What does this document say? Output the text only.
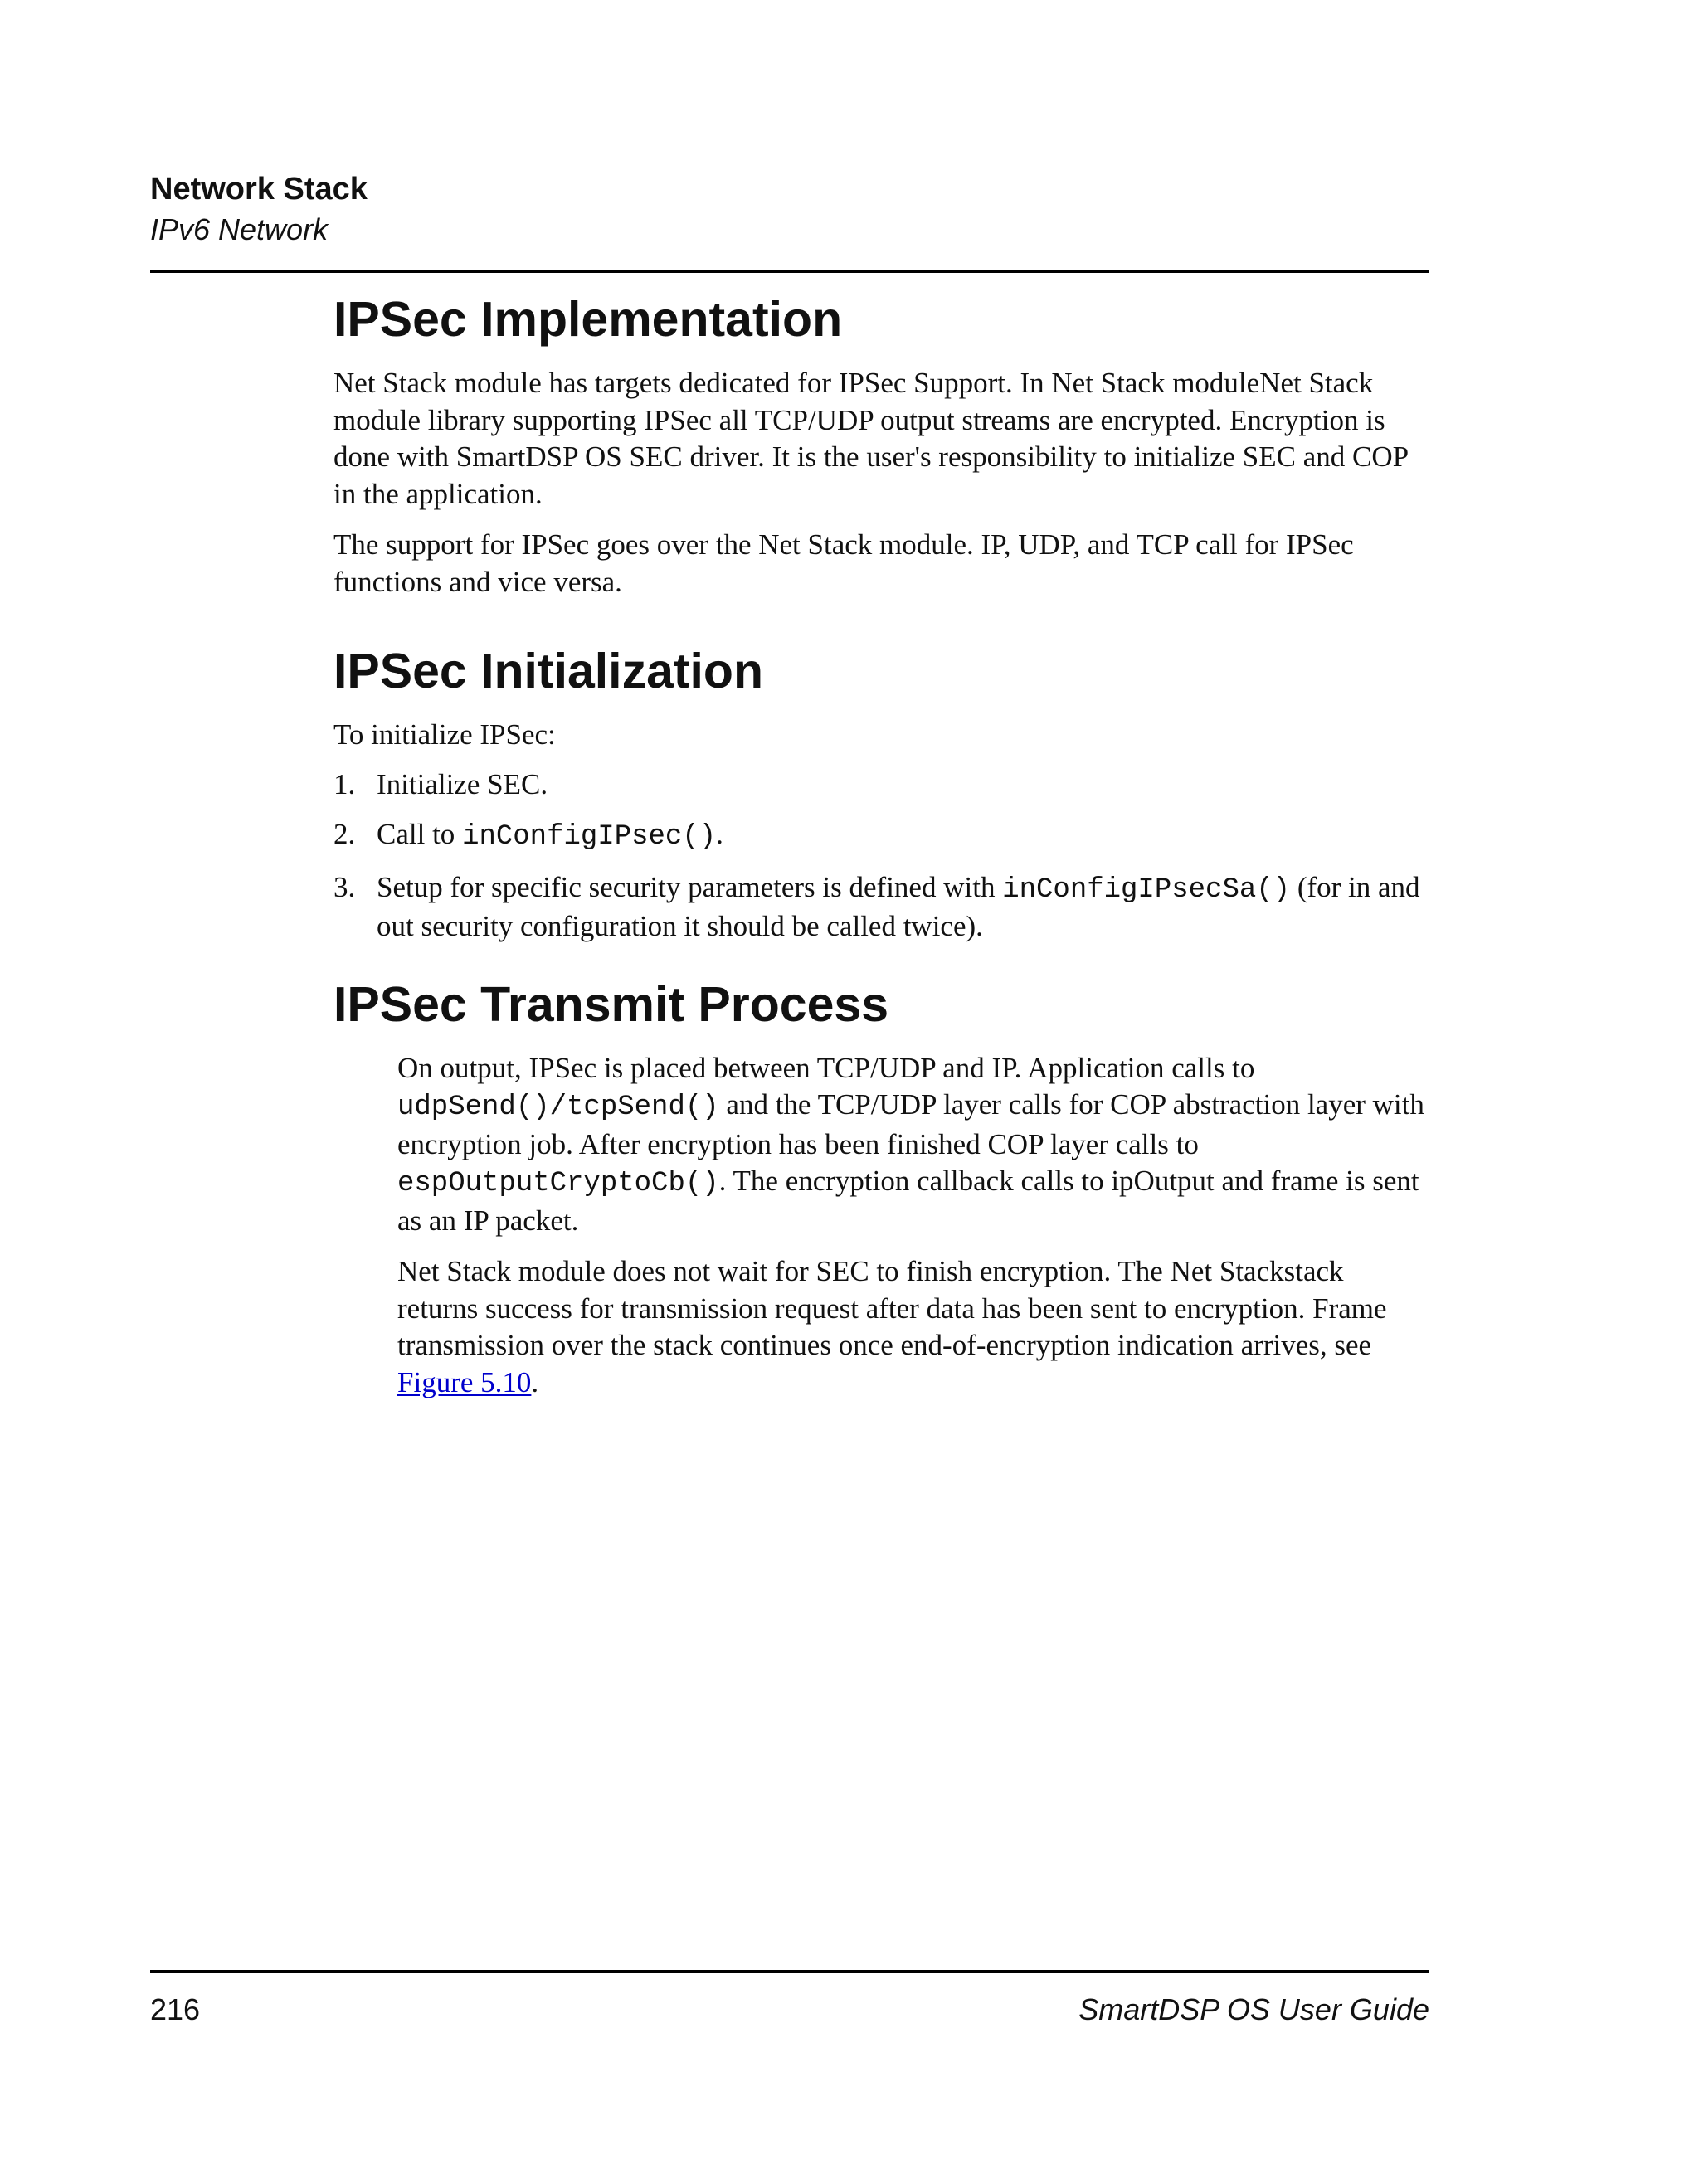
Network Stack
IPv6 Network
IPSec Implementation

Net Stack module has targets dedicated for IPSec Support. In Net Stack moduleNet Stack module library supporting IPSec all TCP/UDP output streams are encrypted. Encryption is done with SmartDSP OS SEC driver. It is the user's responsibility to initialize SEC and COP in the application.

The support for IPSec goes over the Net Stack module. IP, UDP, and TCP call for IPSec functions and vice versa.

IPSec Initialization

To initialize IPSec:

1. Initialize SEC.
2. Call to inConfigIPsec().
3. Setup for specific security parameters is defined with inConfigIPsecSa() (for in and out security configuration it should be called twice).
IPSec Transmit Process

On output, IPSec is placed between TCP/UDP and IP. Application calls to udpSend()/tcpSend() and the TCP/UDP layer calls for COP abstraction layer with encryption job. After encryption has been finished COP layer calls to espOutputCryptoCb(). The encryption callback calls to ipOutput and frame is sent as an IP packet.

Net Stack module does not wait for SEC to finish encryption. The Net Stackstack returns success for transmission request after data has been sent to encryption. Frame transmission over the stack continues once end-of-encryption indication arrives, see Figure 5.10.

216	SmartDSP OS User Guide
